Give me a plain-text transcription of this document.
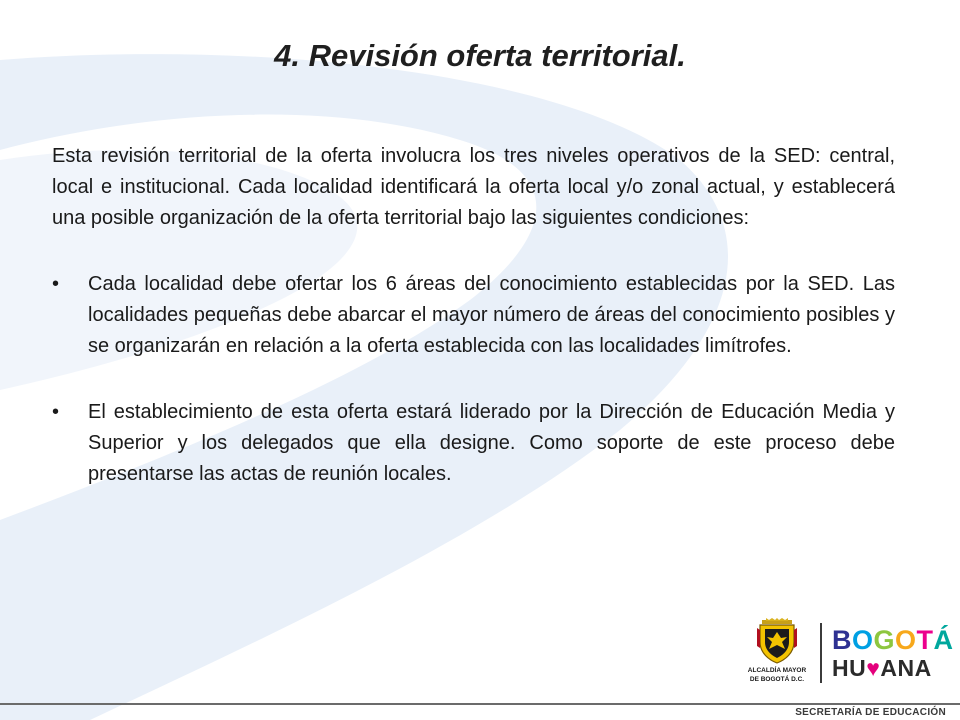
4. Revisión oferta territorial.

Esta revisión territorial de la oferta involucra los tres niveles operativos de la SED: central, local e institucional. Cada localidad identificará la oferta local y/o zonal actual, y establecerá una posible organización de la oferta territorial bajo las siguientes condiciones:

•	Cada localidad debe ofertar los 6 áreas del conocimiento establecidas por la SED. Las localidades pequeñas debe abarcar el mayor número de áreas del conocimiento posibles y se organizarán en relación a la oferta establecida con las localidades limítrofes.
•	El establecimiento de esta oferta estará liderado por la Dirección de Educación Media y Superior y los delegados que ella designe. Como soporte de este proceso debe presentarse las actas de reunión locales.
ALCALDÍA MAYOR
DE BOGOTÁ D.C.
BOGOTÁ
HU♥ANA
SECRETARÍA DE EDUCACIÓN
